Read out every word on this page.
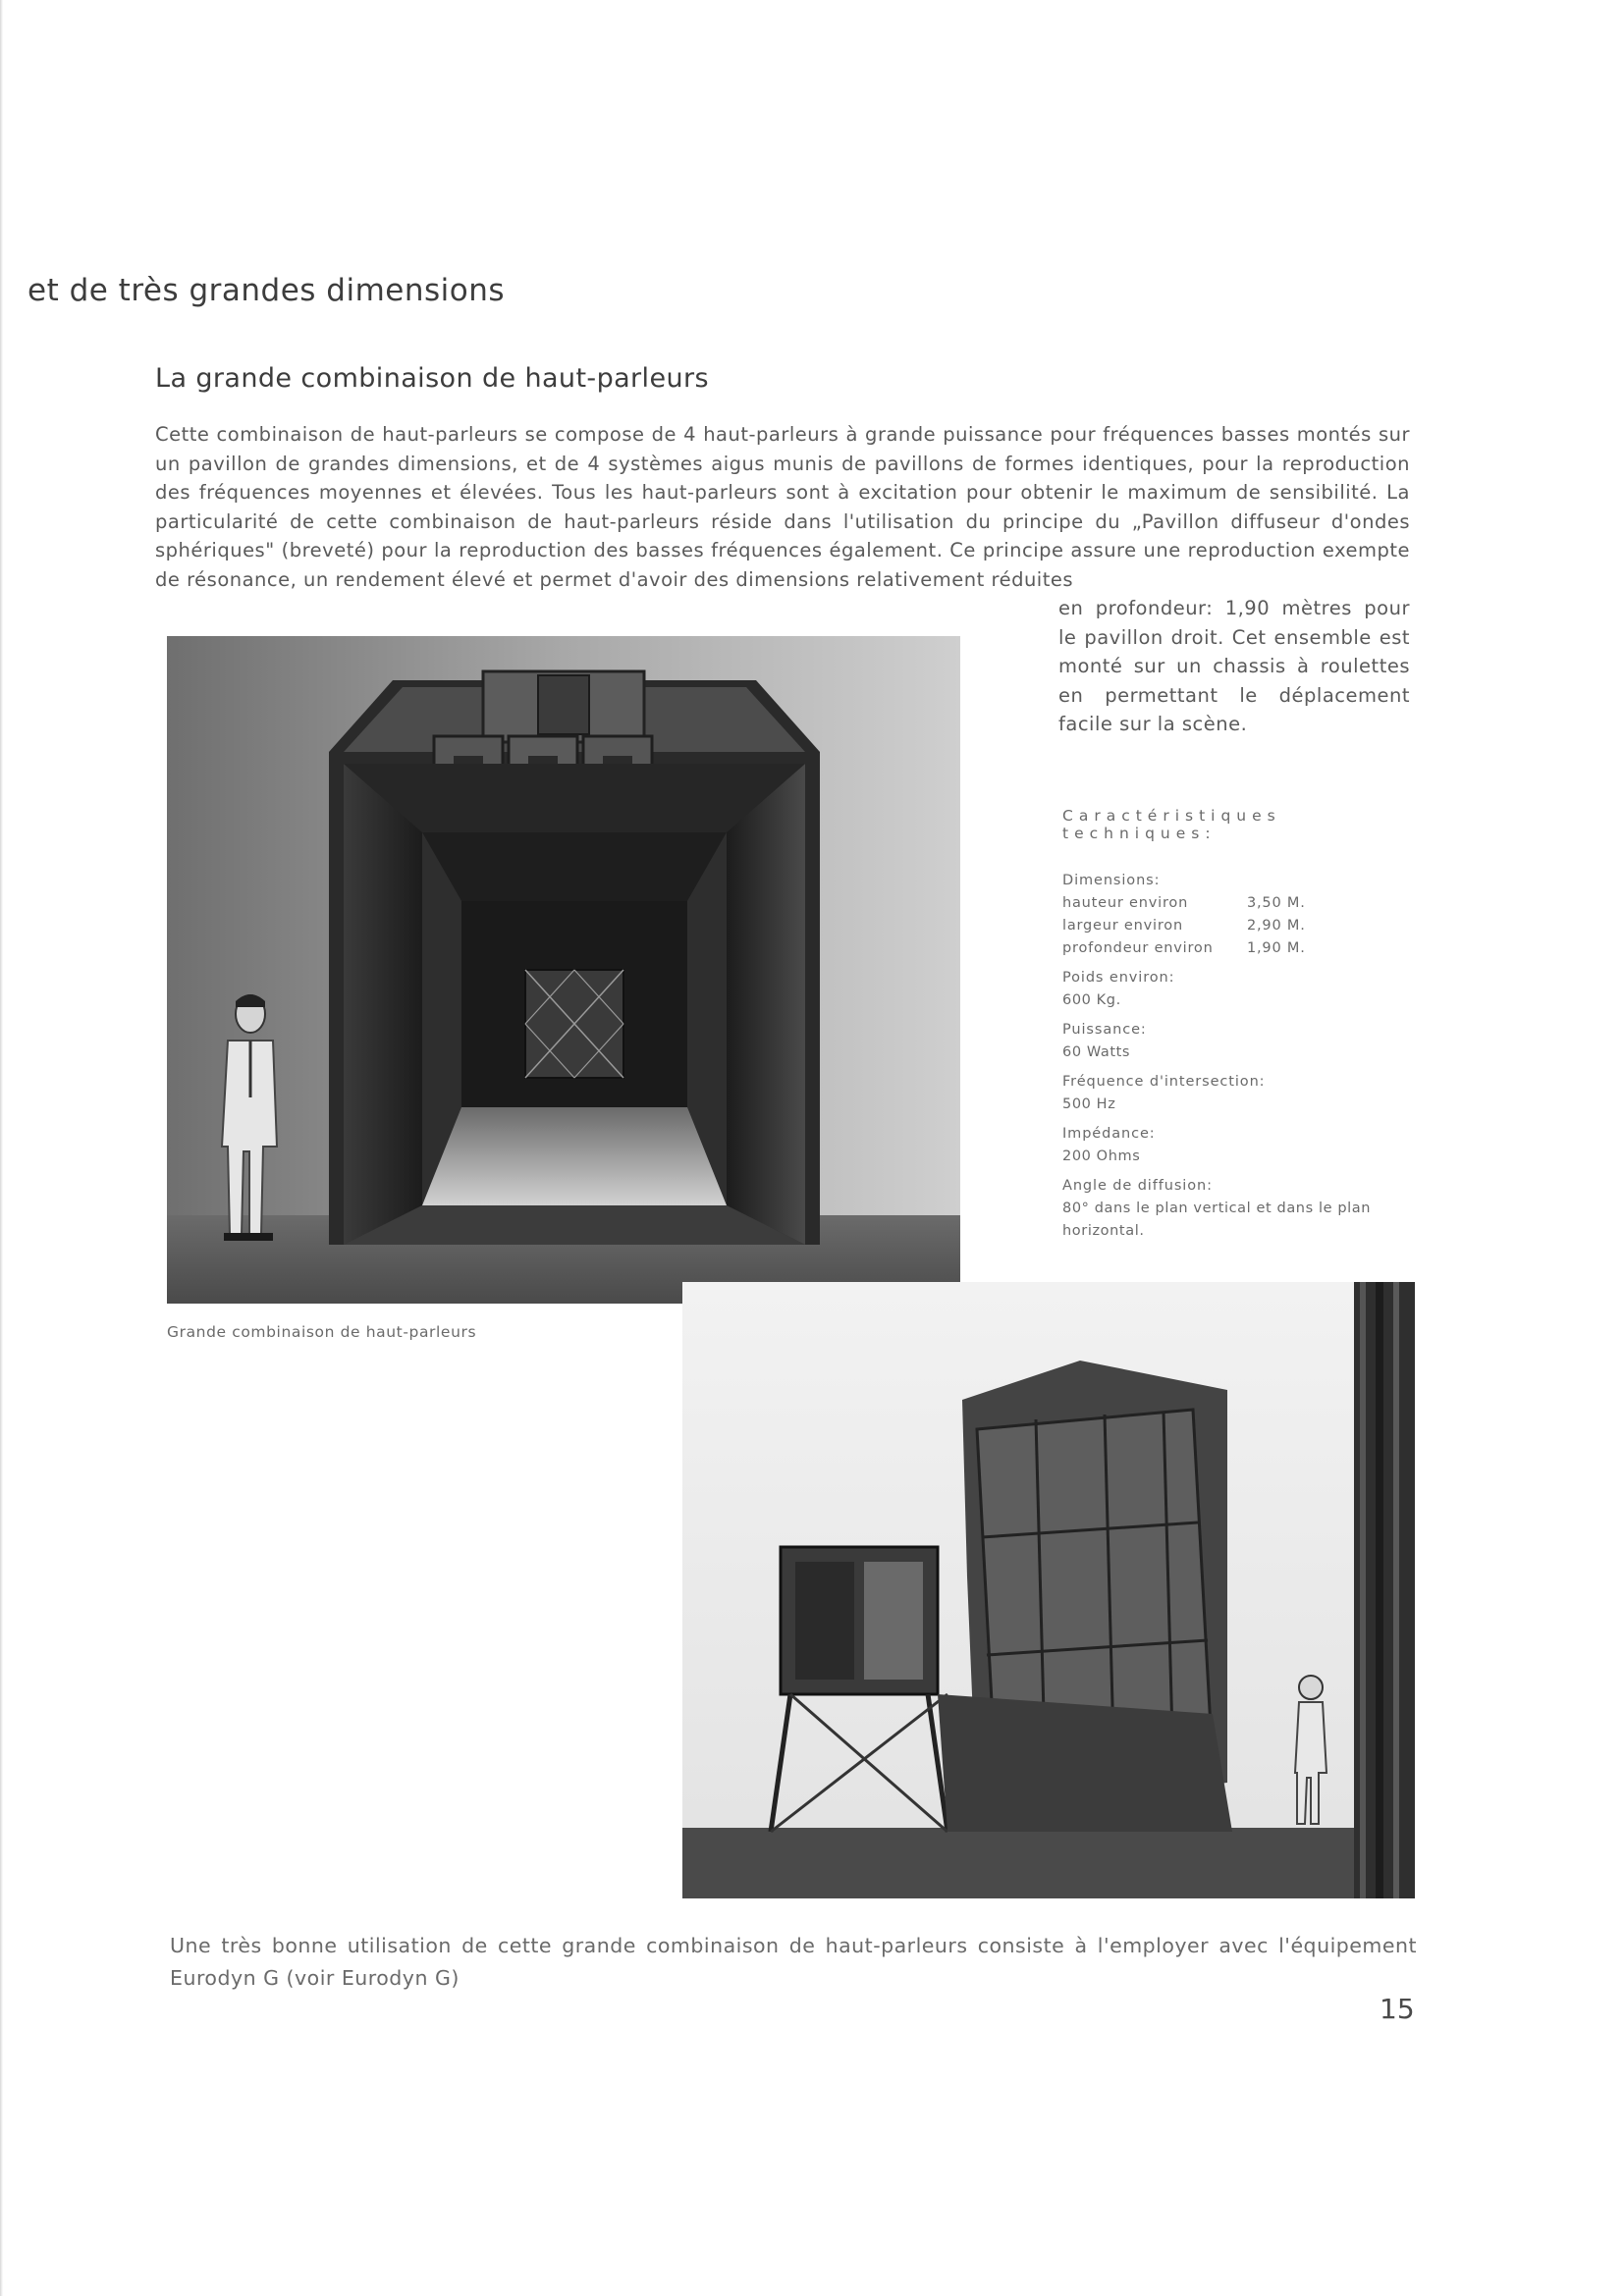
et de très grandes dimensions
La grande combinaison de haut-parleurs

Cette combinaison de haut-parleurs se compose de 4 haut-parleurs à grande puissance pour fréquences basses montés sur un pavillon de grandes dimensions, et de 4 systèmes aigus munis de pavillons de formes identiques, pour la reproduction des fréquences moyennes et élevées. Tous les haut-parleurs sont à excitation pour obtenir le maximum de sensibilité. La particularité de cette combinaison de haut-parleurs réside dans l'utilisation du principe du „Pavillon diffuseur d'ondes sphériques" (breveté) pour la reproduction des basses fréquences également. Ce principe assure une reproduction exempte de résonance, un rendement élevé et permet d'avoir des dimensions relativement réduites
en profondeur: 1,90 mètres pour le pavillon droit. Cet ensemble est monté sur un chassis à roulettes en permettant le déplacement facile sur la scène.

Grande combinaison de haut-parleurs
Caractéristiques techniques:
Dimensions:
hauteur environ	3,50 M.
largeur environ	2,90 M.
profondeur environ	1,90 M.
Poids environ:
600 Kg.
Puissance:
60 Watts
Fréquence d'intersection:
500 Hz
Impédance:
200 Ohms
Angle de diffusion:
80° dans le plan vertical et dans le plan horizontal.

Une très bonne utilisation de cette grande combinaison de haut-parleurs consiste à l'employer avec l'équipement Eurodyn G (voir Eurodyn G)

15
